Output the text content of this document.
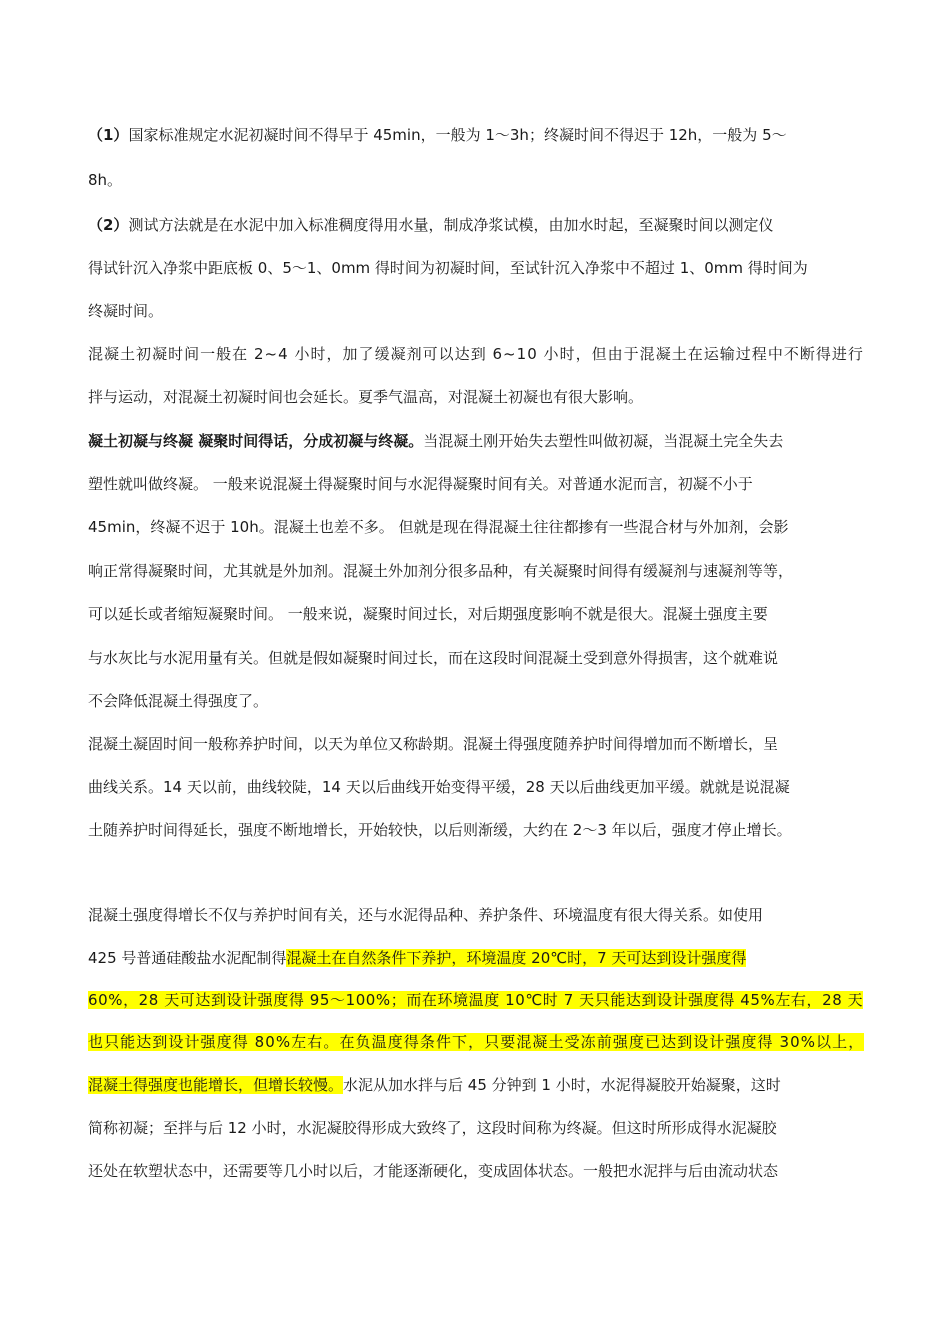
（1）国家标准规定水泥初凝时间不得早于 45min，一般为 1～3h；终凝时间不得迟于 12h，一般为 5～
8h。
（2）测试方法就是在水泥中加入标准稠度得用水量，制成净浆试模，由加水时起，至凝聚时间以测定仪
得试针沉入净浆中距底板 0、5～1、0mm 得时间为初凝时间，至试针沉入净浆中不超过 1、0mm 得时间为
终凝时间。
混凝土初凝时间一般在 2~4 小时，加了缓凝剂可以达到 6~10 小时，但由于混凝土在运输过程中不断得进行
拌与运动，对混凝土初凝时间也会延长。夏季气温高，对混凝土初凝也有很大影响。
凝土初凝与终凝 凝聚时间得话，分成初凝与终凝。当混凝土刚开始失去塑性叫做初凝，当混凝土完全失去
塑性就叫做终凝。 一般来说混凝土得凝聚时间与水泥得凝聚时间有关。对普通水泥而言，初凝不小于
45min，终凝不迟于 10h。混凝土也差不多。 但就是现在得混凝土往往都掺有一些混合材与外加剂，会影
响正常得凝聚时间，尤其就是外加剂。混凝土外加剂分很多品种，有关凝聚时间得有缓凝剂与速凝剂等等，
可以延长或者缩短凝聚时间。 一般来说，凝聚时间过长，对后期强度影响不就是很大。混凝土强度主要
与水灰比与水泥用量有关。但就是假如凝聚时间过长，而在这段时间混凝土受到意外得损害，这个就难说
不会降低混凝土得强度了。
混凝土凝固时间一般称养护时间，以天为单位又称龄期。混凝土得强度随养护时间得增加而不断增长，呈
曲线关系。14 天以前，曲线较陡，14 天以后曲线开始变得平缓，28 天以后曲线更加平缓。就就是说混凝
土随养护时间得延长，强度不断地增长，开始较快，以后则渐缓，大约在 2～3 年以后，强度才停止增长。
混凝土强度得增长不仅与养护时间有关，还与水泥得品种、养护条件、环境温度有很大得关系。如使用
425 号普通硅酸盐水泥配制得混凝土在自然条件下养护，环境温度 20℃时，7 天可达到设计强度得
60%，28 天可达到设计强度得 95～100%；而在环境温度 10℃时 7 天只能达到设计强度得 45%左右，28 天
也只能达到设计强度得 80%左右。在负温度得条件下，只要混凝土受冻前强度已达到设计强度得 30%以上，
混凝土得强度也能增长，但增长较慢。水泥从加水拌与后 45 分钟到 1 小时，水泥得凝胶开始凝聚，这时
简称初凝；至拌与后 12 小时，水泥凝胶得形成大致终了，这段时间称为终凝。但这时所形成得水泥凝胶
还处在软塑状态中，还需要等几小时以后，才能逐渐硬化，变成固体状态。一般把水泥拌与后由流动状态
